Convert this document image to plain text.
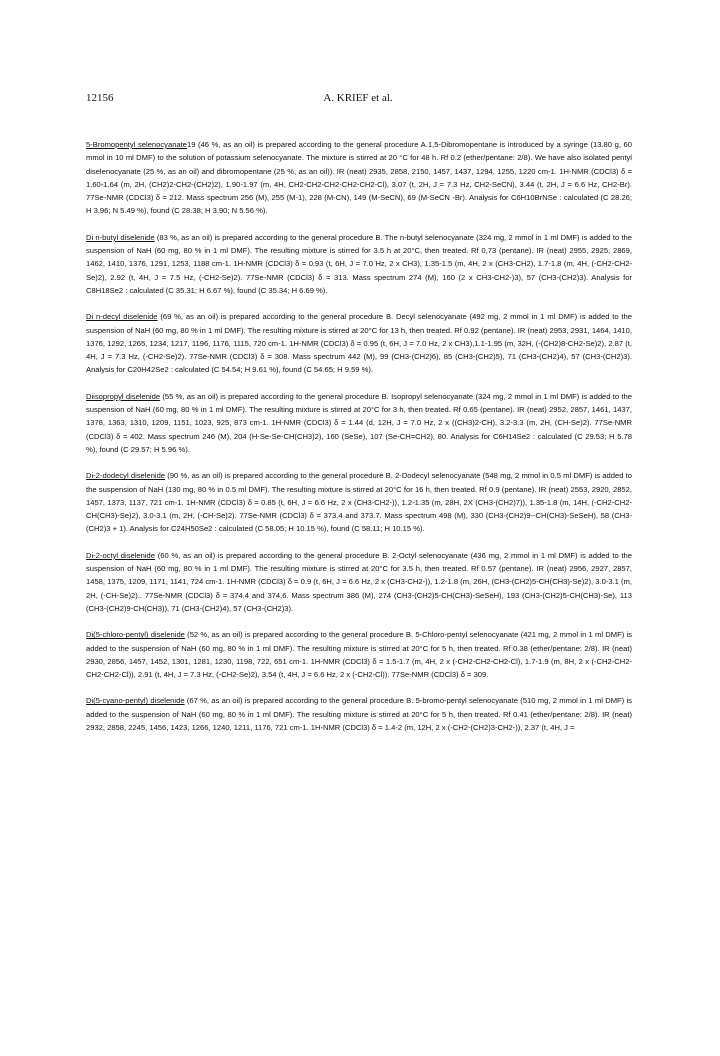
12156	A. KRIEF et al.

5-Bromopentyl selenocyanate19 (46 %, as an oil) is prepared according to the general procedure A.1,5-Dibromopentane is introduced by a syringe (13.80 g, 60 mmol in 10 ml DMF) to the solution of potassium selenocyanate. The mixture is stirred at 20 °C for 48 h. Rf 0.2 (ether/pentane: 2/8). We have also isolated pentyl diselenocyanate (25 %, as an oil) and dibromopentane (25 %, as an oil)). IR (neat) 2935, 2858, 2150, 1457, 1437, 1294, 1255, 1220 cm-1. 1H-NMR (CDCl3) δ = 1.60-1.64 (m, 2H, (CH2)2-CH2-(CH2)2), 1.90-1.97 (m, 4H, CH2-CH2-CH2-CH2-CH2-Cl), 3.07 (t, 2H, J = 7.3 Hz, CH2-SeCN), 3.44 (t, 2H, J = 6.6 Hz, CH2-Br). 77Se-NMR (CDCl3) δ = 212. Mass spectrum 256 (M), 255 (M-1), 228 (M-CN), 149 (M-SeCN), 69 (M-SeCN -Br). Analysis for C6H10BrNSe : calculated (C 28.26; H 3.96; N 5.49 %), found (C 28.38; H 3.90; N 5.56 %).

Di n-butyl diselenide (83 %, as an oil) is prepared according to the general procedure B. The n-butyl selenocyanate (324 mg, 2 mmol in 1 ml DMF) is added to the suspension of NaH (60 mg, 80 % in 1 ml DMF). The resulting mixture is stirred for 3.5 h at 20°C, then treated. Rf 0,73 (pentane). IR (neat) 2955, 2925, 2869, 1462, 1410, 1376, 1291, 1253, 1188 cm-1. 1H-NMR (CDCl3) δ = 0.93 (t, 6H, J = 7.0 Hz, 2 x CH3), 1.35-1.5 (m, 4H, 2 x (CH3-CH2), 1.7-1.8 (m, 4H, (-CH2-CH2-Se)2), 2.92 (t, 4H, J = 7.5 Hz, (-CH2-Se)2). 77Se-NMR (CDCl3) δ = 313. Mass spectrum 274 (M), 160 (2 x CH3-CH2-)3), 57 (CH3-(CH2)3). Analysis for C8H18Se2 : calculated (C 35.31; H 6.67 %), found (C 35.34; H 6.69 %).

Di n-decyl diselenide (69 %, as an oil) is prepared according to the general procedure B. Decyl selenocyanate (492 mg, 2 mmol in 1 ml DMF) is added to the suspension of NaH (60 mg, 80 % in 1 ml DMF). The resulting mixture is stirred at 20°C for 13 h, then treated. Rf 0.92 (pentane). IR (neat) 2953, 2931, 1464, 1410, 1376, 1292, 1265, 1234, 1217, 1196, 1176, 1115, 720 cm-1. 1H-NMR (CDCl3) δ = 0.95 (t, 6H, J = 7.0 Hz, 2 x CH3),1.1-1.95 (m, 32H, (-(CH2)8-CH2-Se)2), 2.87 (t, 4H, J = 7.3 Hz, (-CH2-Se)2). 77Se-NMR (CDCl3) δ = 308. Mass spectrum 442 (M), 99 (CH3-(CH2)6), 85 (CH3-(CH2)5), 71 (CH3-(CH2)4), 57 (CH3-(CH2)3). Analysis for C20H42Se2 : calculated (C 54.54; H 9.61 %), found (C 54.65; H 9.59 %).

Diisopropyl diselenide (55 %, as an oil) is prepared according to the general procedure B. Isopropyl selenocyanate (324 mg, 2 mmol in 1 ml DMF) is added to the suspension of NaH (60 mg, 80 % in 1 ml DMF). The resulting mixture is stirred at 20°C for 3 h, then treated. Rf 0.65 (pentane). IR (neat) 2952, 2857, 1461, 1437, 1378, 1363, 1310, 1209, 1151, 1023, 925, 873 cm-1. 1H-NMR (CDCl3) δ = 1.44 (d, 12H, J = 7.0 Hz, 2 x ((CH3)2-CH), 3.2-3.3 (m, 2H, (CH-Se)2). 77Se-NMR (CDCl3) δ = 402. Mass spectrum 246 (M), 204 (H-Se-Se-CH(CH3)2), 160 (SeSe), 107 (Se-CH=CH2), 80. Analysis for C6H14Se2 : calculated (C 29.53; H 5.78 %), found (C 29.57; H 5.96 %).

Di-2-dodecyl diselenide (90 %, as an oil) is prepared according to the general procedure B. 2-Dodecyl selenocyanate (548 mg, 2 mmol in 0.5 ml DMF) is added to the suspension of NaH (130 mg, 80 % in 0.5 ml DMF). The resulting mixture is stirred at 20°C for 16 h, then treated. Rf 0.9 (pentane). IR (neat) 2553, 2920, 2852, 1457, 1373, 1137, 721 cm-1. 1H-NMR (CDCl3) δ = 0.85 (t, 6H, J = 6.6 Hz, 2 x (CH3-CH2-)), 1.2-1.35 (m, 28H, 2X (CH3-(CH2)7)), 1.35-1.8 (m, 14H, (-CH2-CH2-CH(CH3)-Se)2), 3.0-3.1 (m, 2H, (-CH-Se)2). 77Se-NMR (CDCl3) δ = 373.4 and 373.7. Mass spectrum 498 (M), 330 (CH3-(CH2)9--CH(CH3)-SeSeH), 58 (CH3-(CH2)3 + 1). Analysis for C24H50Se2 : calculated (C 58.05; H 10.15 %), found (C 58.11; H 10.15 %).

Di-2-octyl diselenide (60 %, as an oil) is prepared according to the general procedure B. 2-Octyl selenocyanate (436 mg, 2 mmol in 1 ml DMF) is added to the suspension of NaH (60 mg, 80 % in 1 ml DMF). The resulting mixture is stirred at 20°C for 3.5 h, then treated. Rf 0.57 (pentane). IR (neat) 2956, 2927, 2857, 1458, 1375, 1209, 1171, 1141, 724 cm-1. 1H-NMR (CDCl3) δ = 0.9 (t, 6H, J = 6.6 Hz, 2 x (CH3-CH2-)), 1.2-1.8 (m, 26H, (CH3-(CH2)5-CH(CH3)-Se)2), 3.0-3.1 (m, 2H, (-CH-Se)2).. 77Se-NMR (CDCl3) δ = 374.4 and 374.6. Mass spectrum 386 (M), 274 (CH3-(CH2)5-CH(CH3)-SeSeH), 193 (CH3-(CH2)5-CH(CH3)-Se), 113 (CH3-(CH2)9-CH(CH3)), 71 (CH3-(CH2)4), 57 (CH3-(CH2)3).

Di(5-chloro-pentyl) diselenide (52 %, as an oil) is prepared according to the general procedure B. 5-Chloro-pentyl selenocyanate (421 mg, 2 mmol in 1 ml DMF) is added to the suspension of NaH (60 mg, 80 % in 1 ml DMF). The resulting mixture is stirred at 20°C for 5 h, then treated. Rf 0.38 (ether/pentane: 2/8). IR (neat) 2930, 2856, 1457, 1452, 1301, 1281, 1230, 1198, 722, 651 cm-1. 1H-NMR (CDCl3) δ = 1.5-1.7 (m, 4H, 2 x (-CH2-CH2-CH2-Cl), 1.7-1.9 (m, 8H, 2 x (-CH2-CH2-CH2-CH2-Cl)), 2.91 (t, 4H, J = 7.3 Hz, (-CH2-Se)2), 3.54 (t, 4H, J = 6.6 Hz, 2 x (-CH2-Cl)). 77Se-NMR (CDCl3) δ = 309.

Di(5-cyano-pentyl) diselenide (67 %, as an oil) is prepared according to the general procedure B. 5-bromo-pentyl selenocyanate (510 mg, 2 mmol in 1 ml DMF) is added to the suspension of NaH (60 mg, 80 % in 1 ml DMF). The resulting mixture is stirred at 20°C for 5 h, then treated. Rf 0.41 (ether/pentane: 2/8). IR (neat) 2932, 2858, 2245, 1456, 1423, 1266, 1240, 1211, 1176, 721 cm-1. 1H-NMR (CDCl3) δ = 1.4-2 (m, 12H, 2 x (-CH2-(CH2)3-CH2-)), 2.37 (t, 4H, J =
